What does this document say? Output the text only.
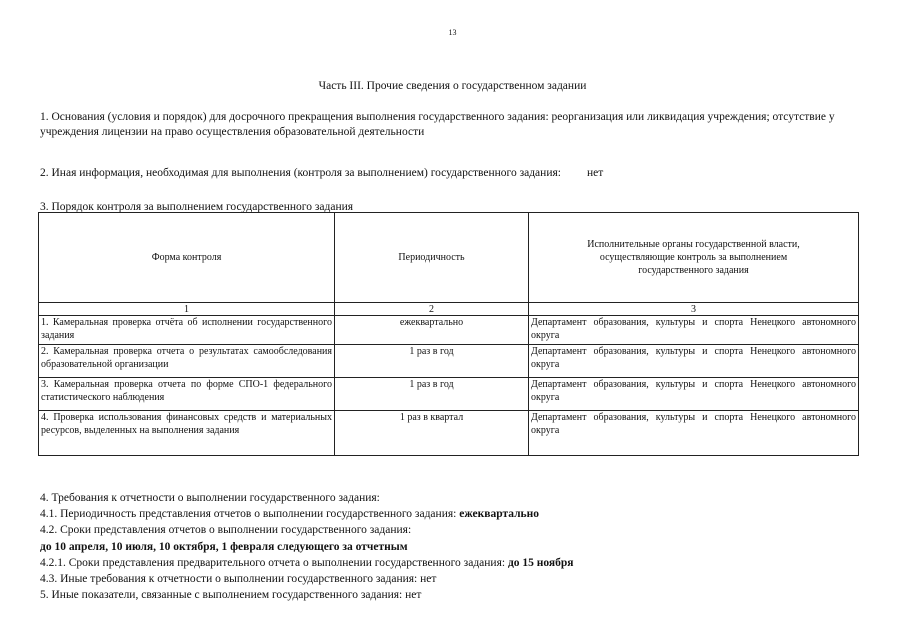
13
Часть III. Прочие сведения о государственном задании
1. Основания (условия и порядок) для досрочного прекращения выполнения государственного задания: реорганизация или ликвидация учреждения; отсутствие у учреждения лицензии на право осуществления образовательной деятельности
2. Иная информация, необходимая для выполнения (контроля за выполнением) государственного задания: нет
3. Порядок контроля за выполнением государственного задания
Форма контроля	Периодичность	Исполнительные органы государственной власти, осуществляющие контроль за выполнением государственного задания

1	2	3
1. Камеральная проверка отчёта об исполнении государственного задания	ежеквартально	Департамент образования, культуры и спорта Ненецкого автономного округа
2. Камеральная проверка отчета о результатах самообследования образовательной организации	1 раз в год	Департамент образования, культуры и спорта Ненецкого автономного округа
3. Камеральная проверка отчета по форме СПО-1 федерального статистического наблюдения	1 раз в год	Департамент образования, культуры и спорта Ненецкого автономного округа
4. Проверка использования финансовых средств и материальных ресурсов, выделенных на выполнения задания	1 раз в квартал	Департамент образования, культуры и спорта Ненецкого автономного округа
4. Требования к отчетности о выполнении государственного задания:
4.1. Периодичность представления отчетов о выполнении государственного задания: ежеквартально
4.2. Сроки представления отчетов о выполнении государственного задания:
до 10 апреля, 10 июля, 10 октября, 1 февраля следующего за отчетным
4.2.1. Сроки представления предварительного отчета о выполнении государственного задания: до 15 ноября
4.3. Иные требования к отчетности о выполнении государственного задания: нет
5. Иные показатели, связанные с выполнением государственного задания: нет
